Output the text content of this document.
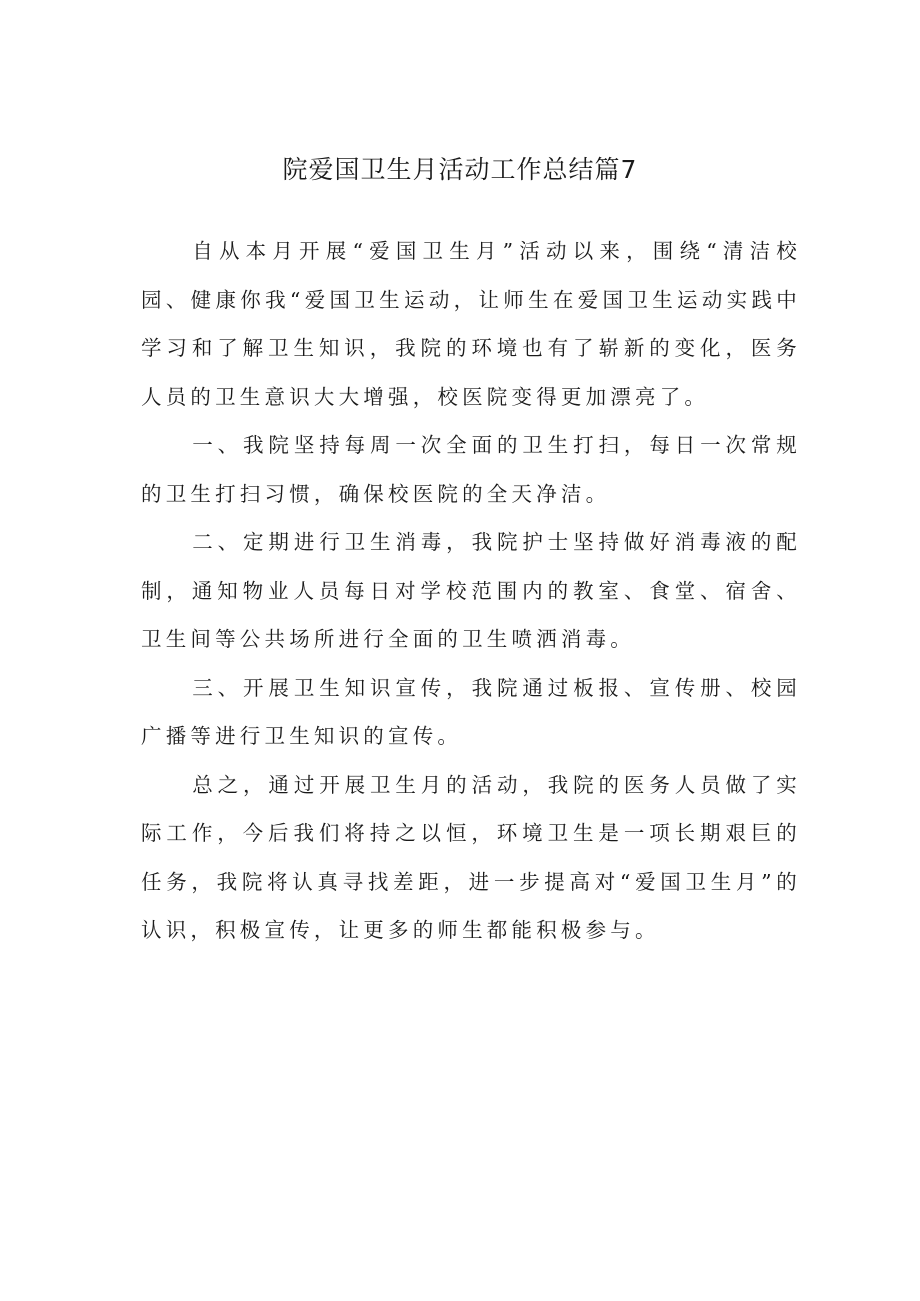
院爱国卫生月活动工作总结篇7

自从本月开展“爱国卫生月”活动以来，围绕“清洁校园、健康你我“爱国卫生运动，让师生在爱国卫生运动实践中学习和了解卫生知识，我院的环境也有了崭新的变化，医务人员的卫生意识大大增强，校医院变得更加漂亮了。

一、我院坚持每周一次全面的卫生打扫，每日一次常规的卫生打扫习惯，确保校医院的全天净洁。

二、定期进行卫生消毒，我院护士坚持做好消毒液的配制，通知物业人员每日对学校范围内的教室、食堂、宿舍、卫生间等公共场所进行全面的卫生喷洒消毒。

三、开展卫生知识宣传，我院通过板报、宣传册、校园广播等进行卫生知识的宣传。

总之，通过开展卫生月的活动，我院的医务人员做了实际工作，今后我们将持之以恒，环境卫生是一项长期艰巨的任务，我院将认真寻找差距，进一步提高对“爱国卫生月”的认识，积极宣传，让更多的师生都能积极参与。
